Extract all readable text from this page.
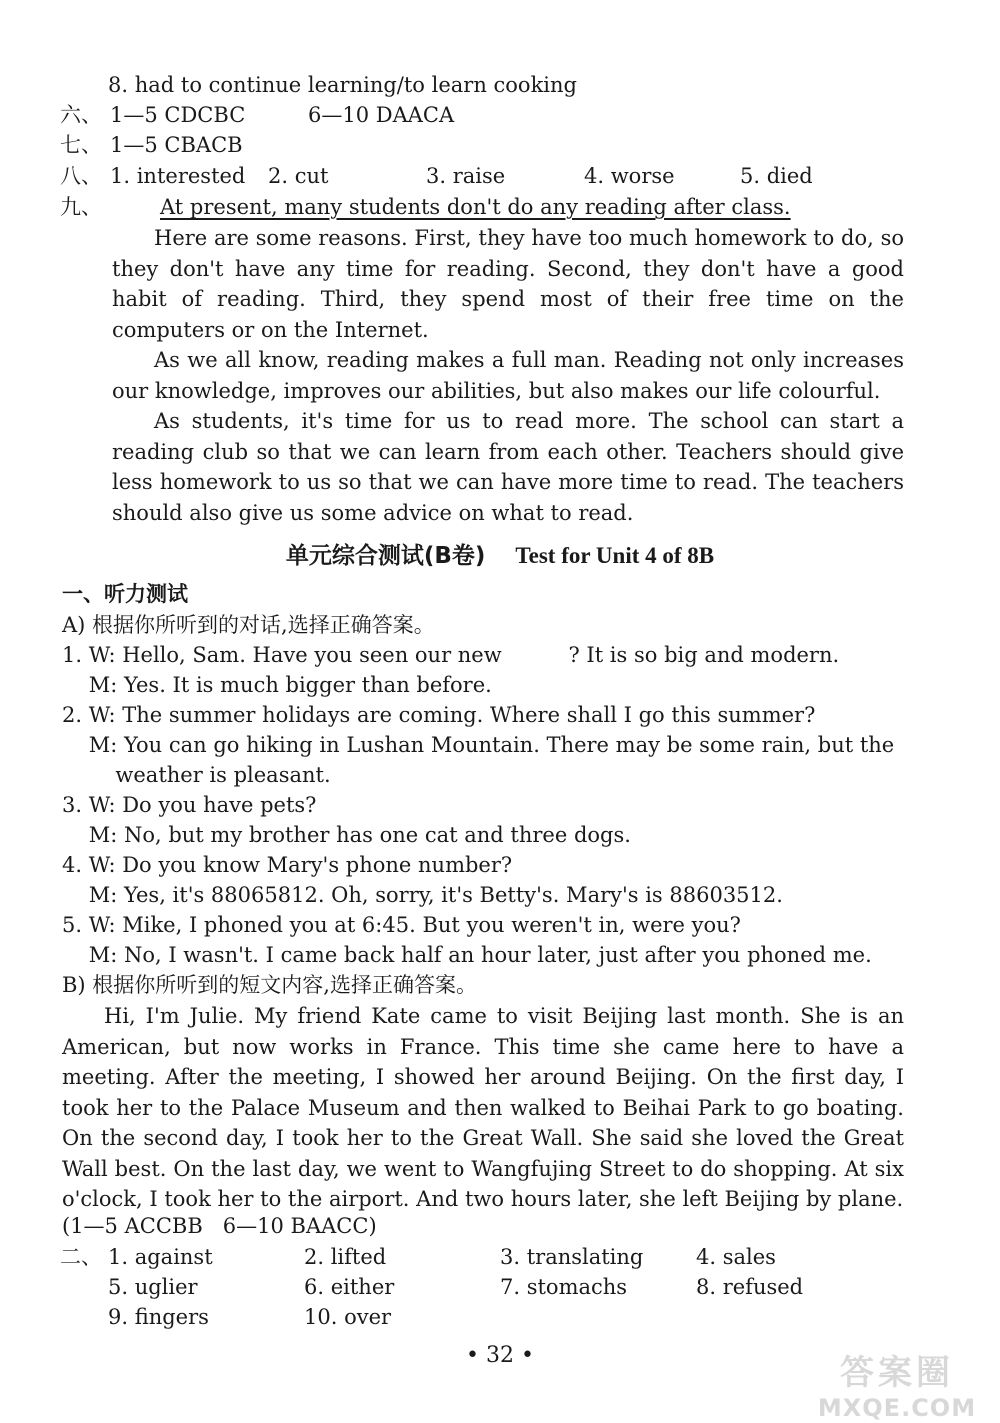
8. had to continue learning/to learn cooking
六、 1—5 CDCBC	6—10 DAACA
七、 1—5 CBACB
八、 1. interested 2. cut	3. raise	4. worse	5. died
九、	At present, many students don't do any reading after class.

Here are some reasons. First, they have too much homework to do, so they don't have any time for reading. Second, they don't have a good habit of reading. Third, they spend most of their free time on the computers or on the Internet.

As we all know, reading makes a full man. Reading not only increases our knowledge, improves our abilities, but also makes our life colourful.

As students, it's time for us to read more. The school can start a reading club so that we can learn from each other. Teachers should give less homework to us so that we can have more time to read. The teachers should also give us some advice on what to read.

单元综合测试(B卷) Test for Unit 4 of 8B
一、听力测试
A) 根据你所听到的对话,选择正确答案。
1. W: Hello, Sam. Have you seen our new          ? It is so big and modern.
M: Yes. It is much bigger than before.
2. W: The summer holidays are coming. Where shall I go this summer?
M: You can go hiking in Lushan Mountain. There may be some rain, but the
weather is pleasant.
3. W: Do you have pets?
M: No, but my brother has one cat and three dogs.
4. W: Do you know Mary's phone number?
M: Yes, it's 88065812. Oh, sorry, it's Betty's. Mary's is 88603512.
5. W: Mike, I phoned you at 6:45. But you weren't in, were you?
M: No, I wasn't. I came back half an hour later, just after you phoned me.
B) 根据你所听到的短文内容,选择正确答案。

Hi, I'm Julie. My friend Kate came to visit Beijing last month. She is an American, but now works in France. This time she came here to have a meeting. After the meeting, I showed her around Beijing. On the first day, I took her to the Palace Museum and then walked to Beihai Park to go boating. On the second day, I took her to the Great Wall. She said she loved the Great Wall best. On the last day, we went to Wangfujing Street to do shopping. At six o'clock, I took her to the airport. And two hours later, she left Beijing by plane.

(1—5 ACCBB   6—10 BAACC)
二、 1. against	2. lifted	3. translating	4. sales
5. uglier	6. either	7. stomachs	8. refused
9. fingers	10. over
• 32 •	答案圈
MXQE.COM
